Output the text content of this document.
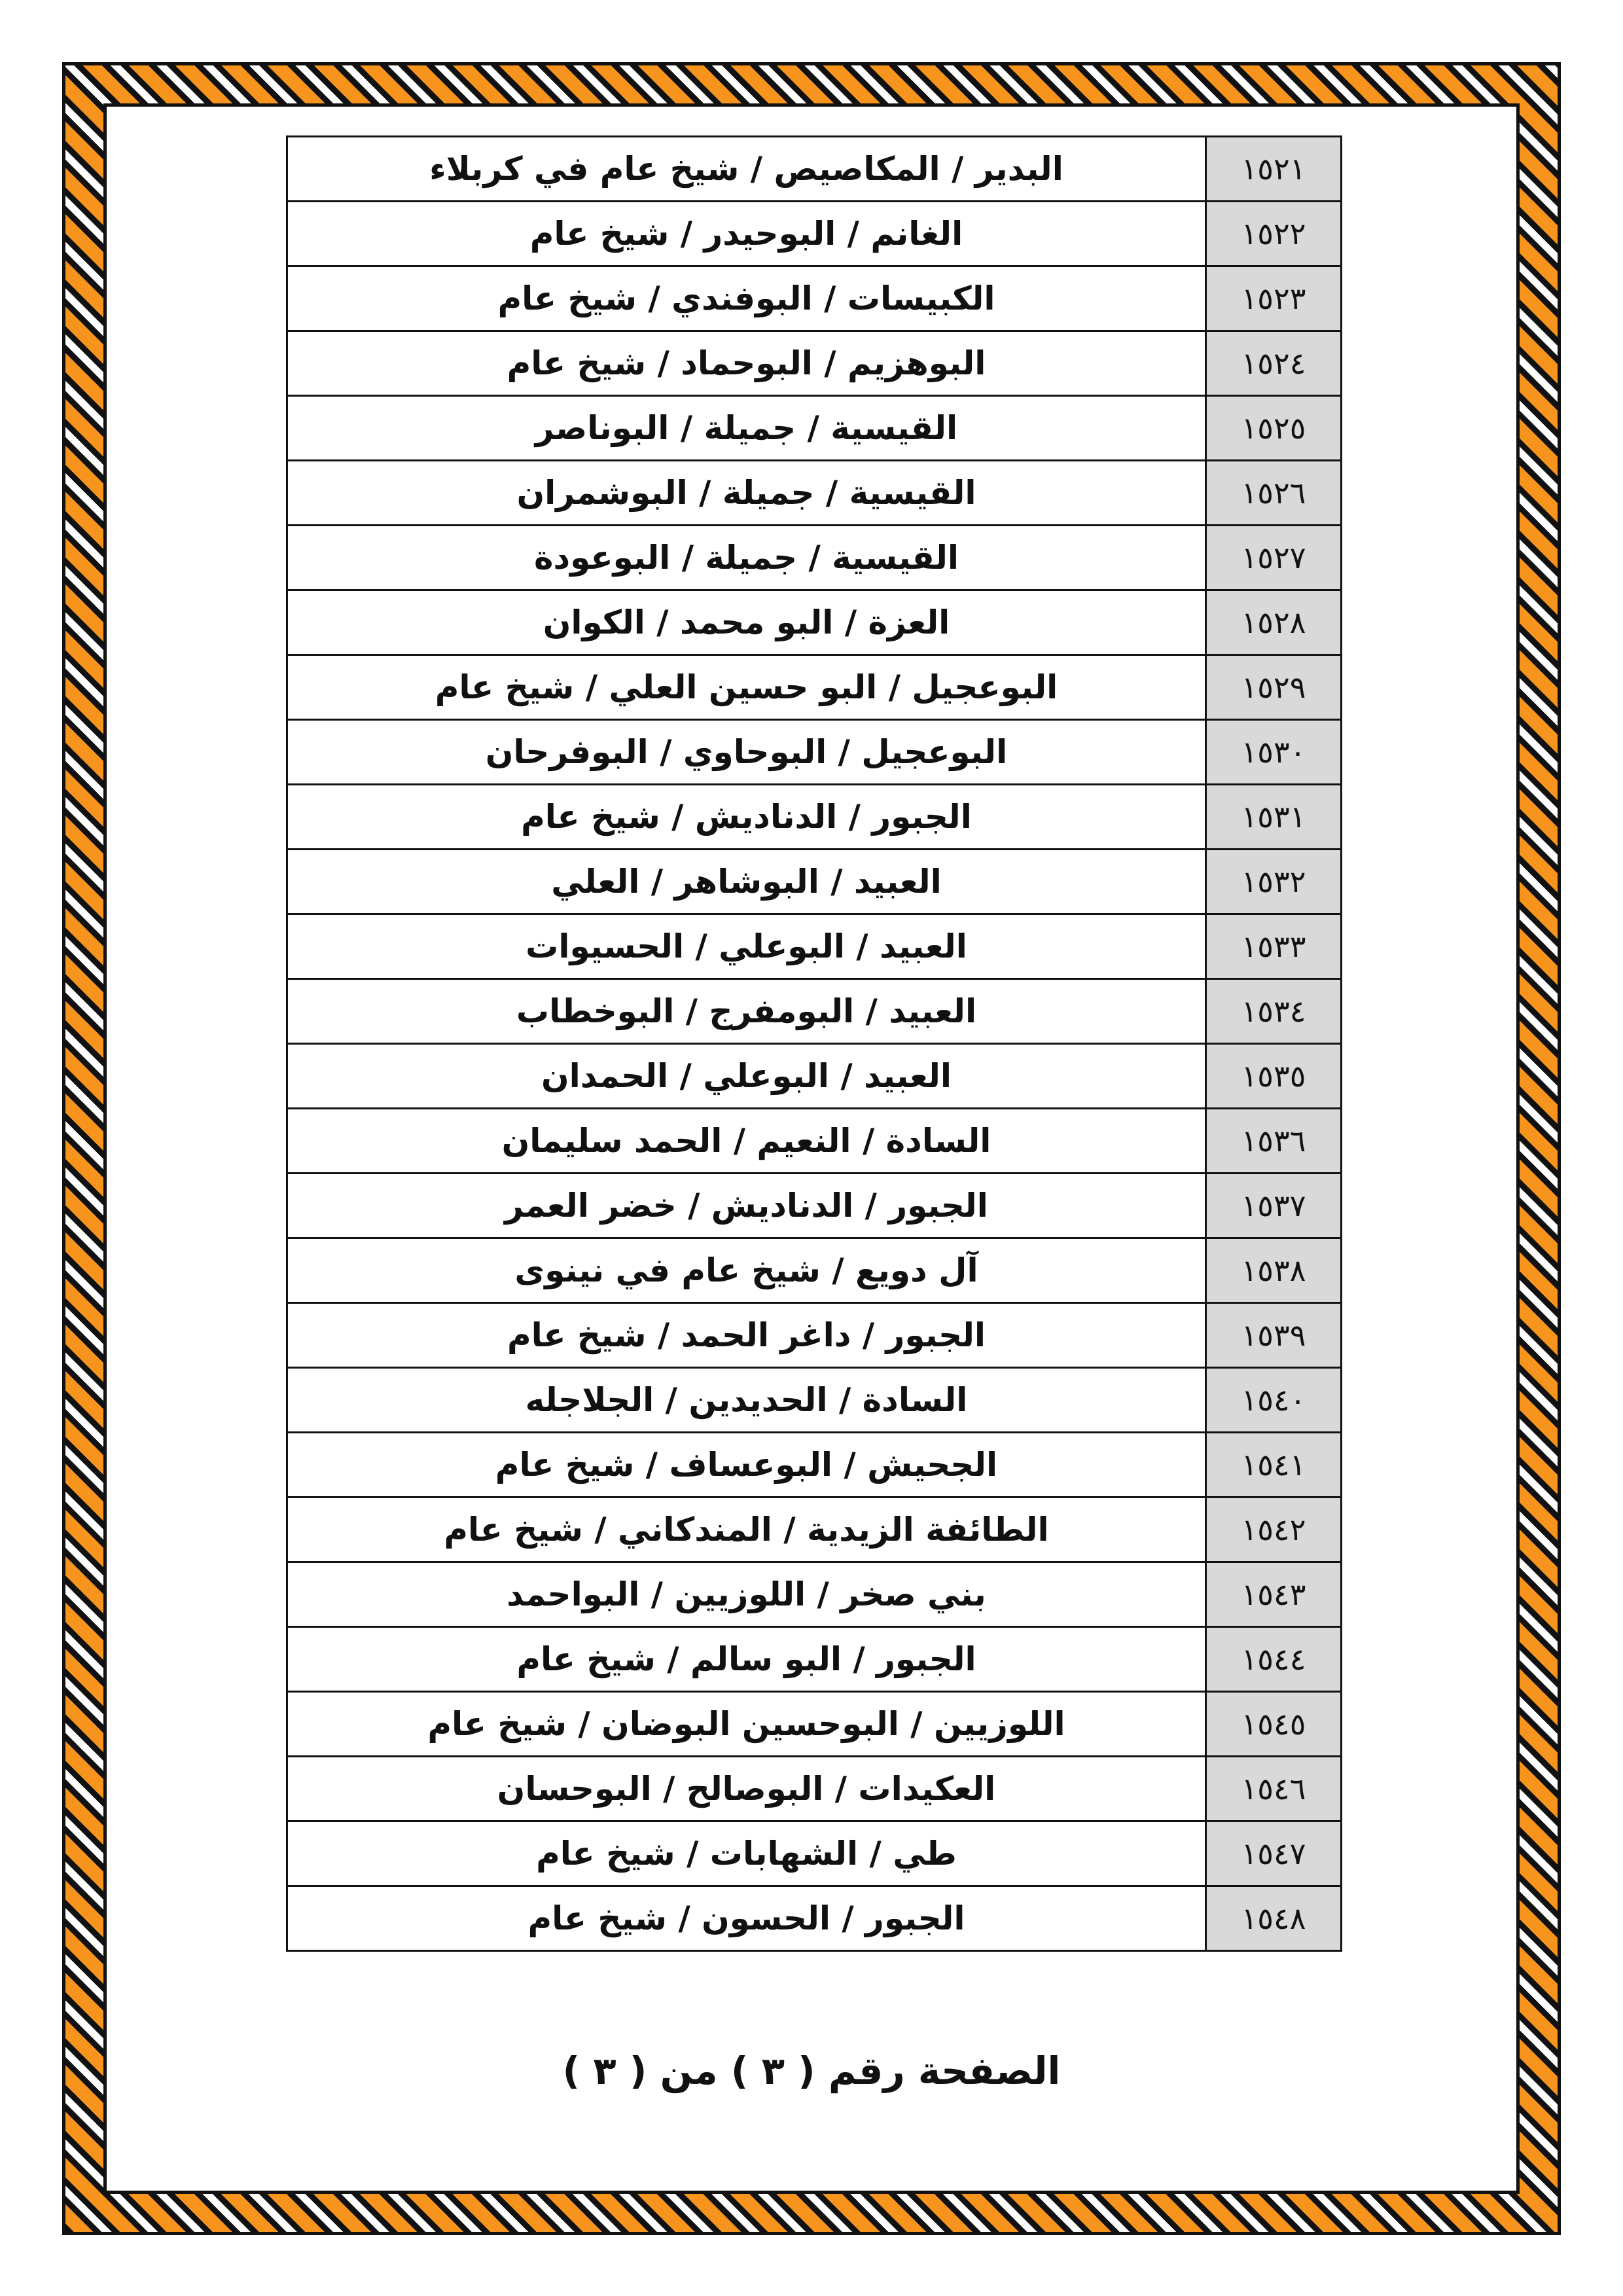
١٥٢١	البدير / المكاصيص / شيخ عام في كربلاء
١٥٢٢	الغانم / البوحيدر / شيخ عام
١٥٢٣	الكبيسات / البوفندي / شيخ عام
١٥٢٤	البوهزيم / البوحماد / شيخ عام
١٥٢٥	القيسية / جميلة / البوناصر
١٥٢٦	القيسية / جميلة / البوشمران
١٥٢٧	القيسية / جميلة / البوعودة
١٥٢٨	العزة / البو محمد / الكوان
١٥٢٩	البوعجيل / البو حسين العلي / شيخ عام
١٥٣٠	البوعجيل / البوحاوي / البوفرحان
١٥٣١	الجبور / الدناديش / شيخ عام
١٥٣٢	العبيد / البوشاهر / العلي
١٥٣٣	العبيد / البوعلي / الحسيوات
١٥٣٤	العبيد / البومفرج / البوخطاب
١٥٣٥	العبيد / البوعلي / الحمدان
١٥٣٦	السادة / النعيم / الحمد سليمان
١٥٣٧	الجبور / الدناديش / خضر العمر
١٥٣٨	آل دويع / شيخ عام في نينوى
١٥٣٩	الجبور / داغر الحمد / شيخ عام
١٥٤٠	السادة / الحديدين / الجلاجله
١٥٤١	الجحيش / البوعساف / شيخ عام
١٥٤٢	الطائفة الزيدية / المندكاني / شيخ عام
١٥٤٣	بني صخر / اللوزيين / البواحمد
١٥٤٤	الجبور / البو سالم / شيخ عام
١٥٤٥	اللوزيين / البوحسين البوضان / شيخ عام
١٥٤٦	العكيدات / البوصالح / البوحسان
١٥٤٧	طي / الشهابات / شيخ عام
١٥٤٨	الجبور / الحسون / شيخ عام
الصفحة رقم ( ٣ ) من ( ٣ )
